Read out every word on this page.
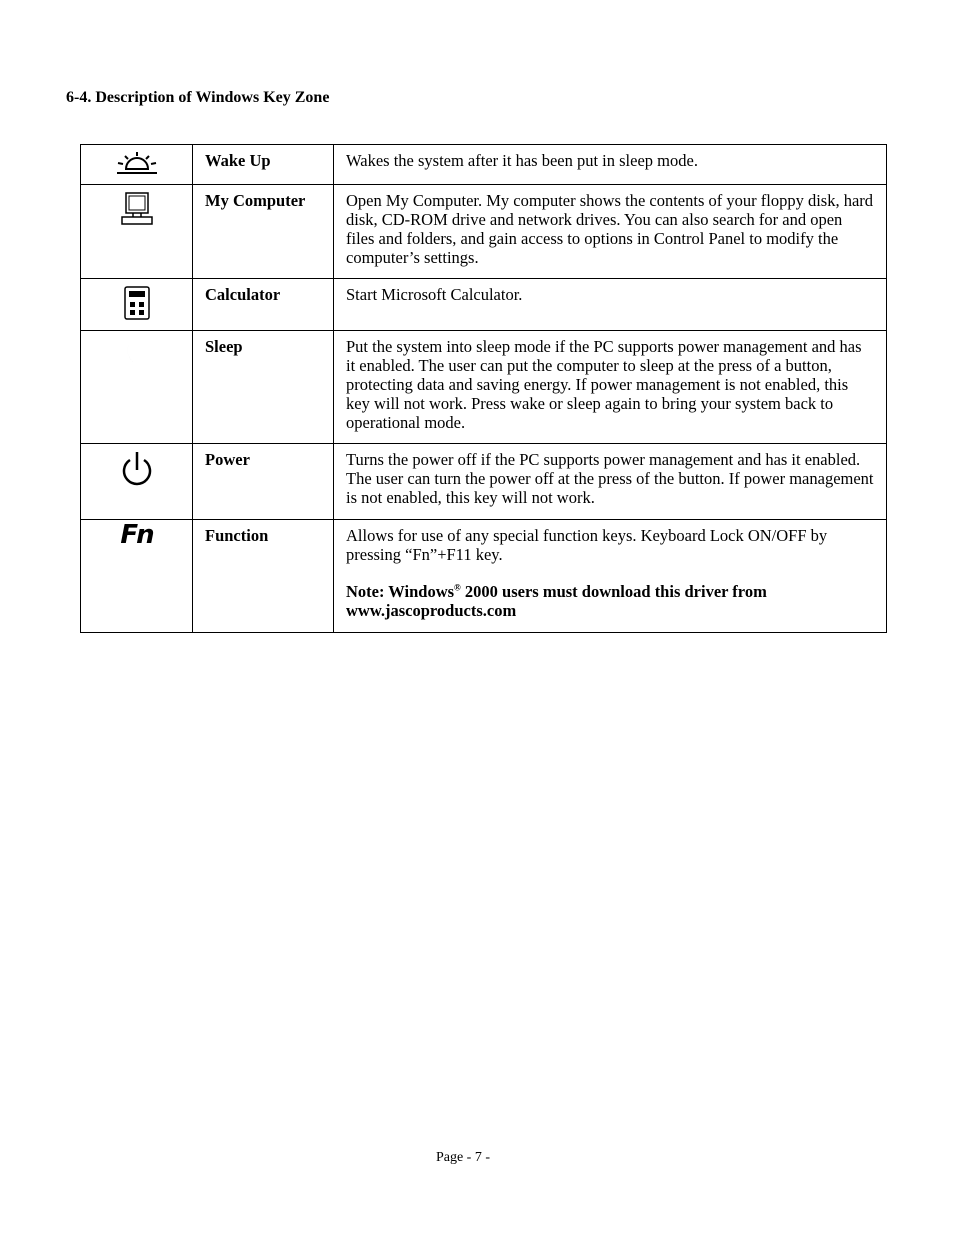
6-4. Description of Windows Key Zone
	Wake Up	Wakes the system after it has been put in sleep mode.

	My Computer	Open My Computer. My computer shows the contents of your floppy disk, hard disk, CD-ROM drive and network drives. You can also search for and open files and folders, and gain access to options in Control Panel to modify the computer’s settings.

	Calculator	Start Microsoft Calculator.

	Sleep	Put the system into sleep mode if the PC supports power management and has it enabled. The user can put the computer to sleep at the press of a button, protecting data and saving energy. If power management is not enabled, this key will not work. Press wake or sleep again to bring your system back to operational mode.

	Power	Turns the power off if the PC supports power management and has it enabled. The user can turn the power off at the press of the button. If power management is not enabled, this key will not work.

Fn	Function	Allows for use of any special function keys. Keyboard Lock ON/OFF by pressing “Fn”+F11 key.

Note: Windows® 2000 users must download this driver from www.jascoproducts.com

Page - 7 -
